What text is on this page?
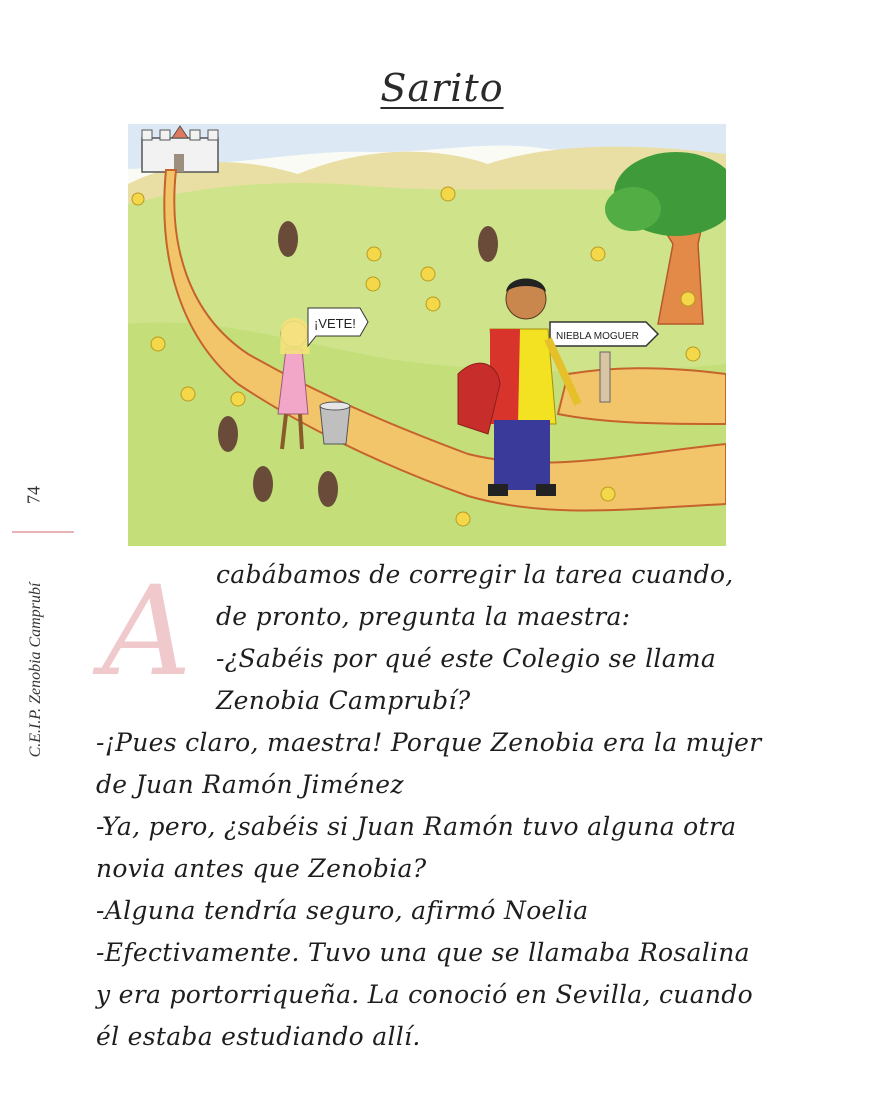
Sarito
74
C.E.I.P. Zenobia Camprubí
NIEBLA MOGUER
¡VETE!
A cabábamos de corregir la tarea cuando,
de pronto, pregunta la maestra:
-¿Sabéis por qué este Colegio se llama
Zenobia Camprubí?
-¡Pues claro, maestra! Porque Zenobia era la mujer
de Juan Ramón Jiménez
-Ya, pero, ¿sabéis si Juan Ramón tuvo alguna otra
novia antes que Zenobia?
-Alguna tendría seguro, afirmó Noelia
-Efectivamente. Tuvo una que se llamaba Rosalina
y era portorriqueña. La conoció en Sevilla, cuando
él estaba estudiando allí.
